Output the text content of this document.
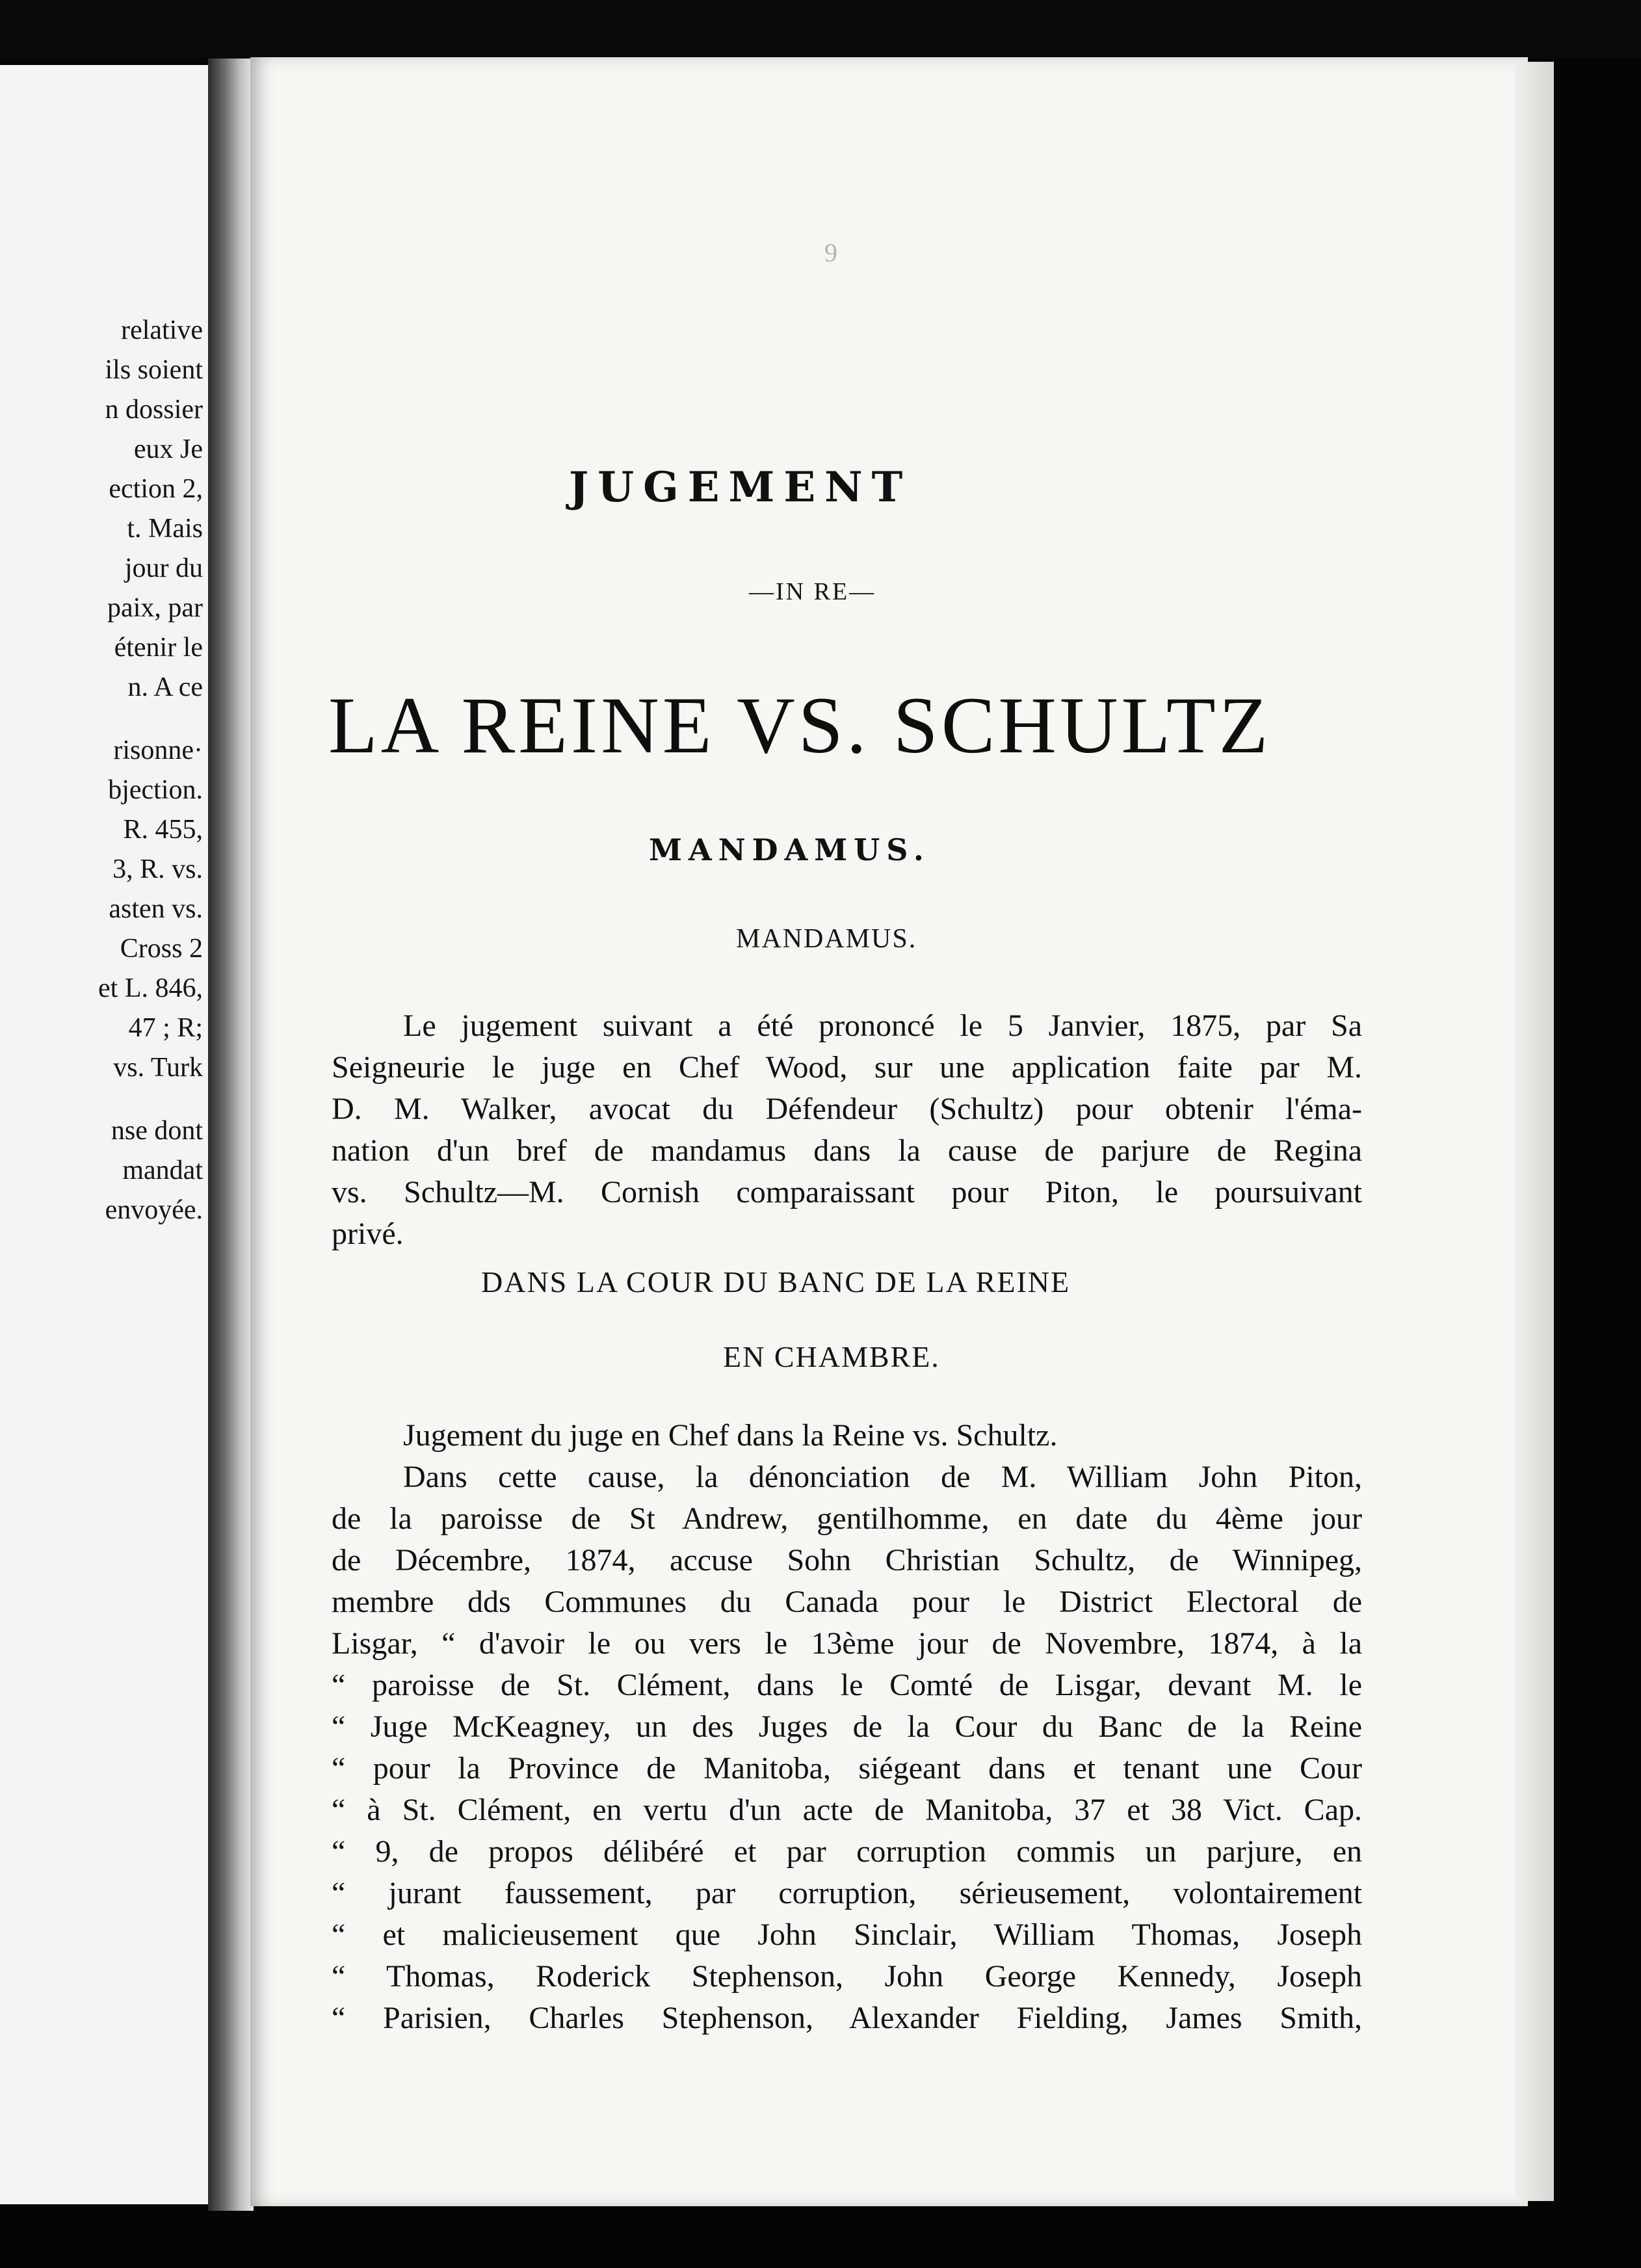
relative
ils soient
n dossier
eux Je
ection 2,
t. Mais
jour du
paix, par
étenir le
n. A ce
risonne·
bjection.
R. 455,
3, R. vs.
asten vs.
Cross 2
et L. 846,
47 ; R;
vs. Turk
nse dont
mandat
envoyée.
9
JUGEMENT
—IN RE—
LA REINE VS. SCHULTZ
MANDAMUS.
MANDAMUS.

Le jugement suivant a été prononcé le 5 Janvier, 1875, par Sa

Seigneurie le juge en Chef Wood, sur une application faite par M.

D. M. Walker, avocat du Défendeur (Schultz) pour obtenir l'éma-

nation d'un bref de mandamus dans la cause de parjure de Regina

vs. Schultz—M. Cornish comparaissant pour Piton, le poursuivant

privé.

DANS LA COUR DU BANC DE LA REINE
EN CHAMBRE.
Jugement du juge en Chef dans la Reine vs. Schultz.
Dans cette cause, la dénonciation de M. William John Piton,
de la paroisse de St Andrew, gentilhomme, en date du 4ème jour
de Décembre, 1874, accuse Sohn Christian Schultz, de Winnipeg,
membre dds Communes du Canada pour le District Electoral de
Lisgar, “ d'avoir le ou vers le 13ème jour de Novembre, 1874, à la
“ paroisse de St. Clément, dans le Comté de Lisgar, devant M. le
“ Juge McKeagney, un des Juges de la Cour du Banc de la Reine
“ pour la Province de Manitoba, siégeant dans et tenant une Cour
“ à St. Clément, en vertu d'un acte de Manitoba, 37 et 38 Vict. Cap.
“ 9, de propos délibéré et par corruption commis un parjure, en
“ jurant faussement, par corruption, sérieusement, volontairement
“ et malicieusement que John Sinclair, William Thomas, Joseph
“ Thomas, Roderick Stephenson, John George Kennedy, Joseph
“ Parisien, Charles Stephenson, Alexander Fielding, James Smith,
